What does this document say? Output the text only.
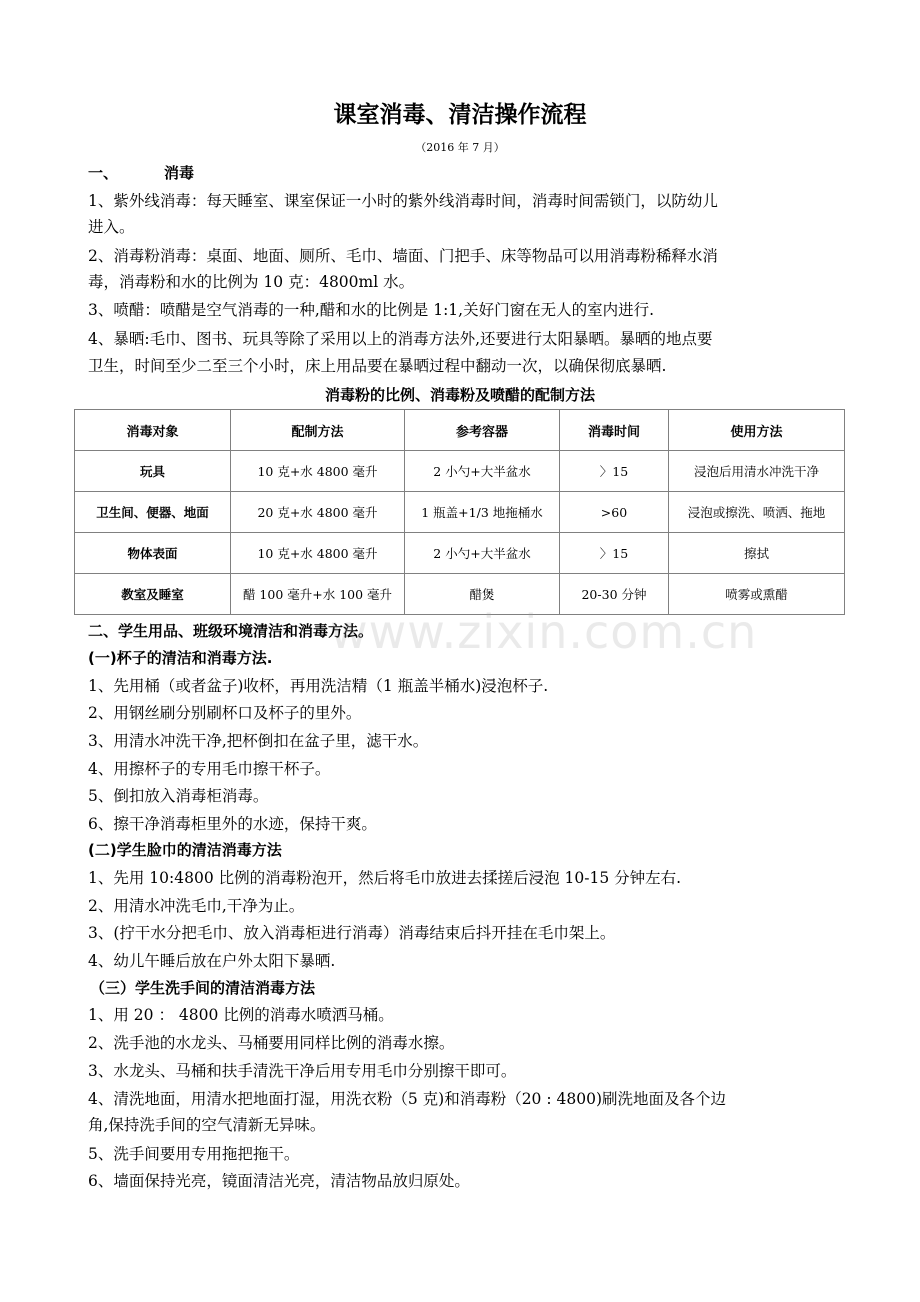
课室消毒、清洁操作流程
（2016 年 7 月）
一、	消毒
1、紫外线消毒：每天睡室、课室保证一小时的紫外线消毒时间，消毒时间需锁门，以防幼儿
进入。
2、消毒粉消毒：桌面、地面、厕所、毛巾、墙面、门把手、床等物品可以用消毒粉稀释水消
毒，消毒粉和水的比例为 10 克：4800ml 水。
3、喷醋：喷醋是空气消毒的一种,醋和水的比例是 1:1,关好门窗在无人的室内进行.
4、暴晒:毛巾、图书、玩具等除了采用以上的消毒方法外,还要进行太阳暴晒。暴晒的地点要
卫生，时间至少二至三个小时，床上用品要在暴晒过程中翻动一次，以确保彻底暴晒.
消毒粉的比例、消毒粉及喷醋的配制方法
消毒对象	配制方法	参考容器	消毒时间	使用方法
玩具	10 克+水 4800 毫升	2 小勺+大半盆水	〉15	浸泡后用清水冲洗干净
卫生间、便器、地面	20 克+水 4800 毫升	1 瓶盖+1/3 地拖桶水	>60	浸泡或擦洗、喷洒、拖地
物体表面	10 克+水 4800 毫升	2 小勺+大半盆水	〉15	擦拭
教室及睡室	醋 100 毫升+水 100 毫升	醋煲	20-30 分钟	喷雾或熏醋
二、学生用品、班级环境清洁和消毒方法。
(一)杯子的清洁和消毒方法.
1、先用桶（或者盆子)收杯，再用洗洁精（1 瓶盖半桶水)浸泡杯子.
2、用钢丝刷分别刷杯口及杯子的里外。
3、用清水冲洗干净,把杯倒扣在盆子里，滤干水。
4、用擦杯子的专用毛巾擦干杯子。
5、倒扣放入消毒柜消毒。
6、擦干净消毒柜里外的水迹，保持干爽。
(二)学生脸巾的清洁消毒方法
1、先用 10:4800 比例的消毒粉泡开，然后将毛巾放进去揉搓后浸泡 10-15 分钟左右.
2、用清水冲洗毛巾,干净为止。
3、(拧干水分把毛巾、放入消毒柜进行消毒）消毒结束后抖开挂在毛巾架上。
4、幼儿午睡后放在户外太阳下暴晒.
（三）学生洗手间的清洁消毒方法
1、用 20 ： 4800 比例的消毒水喷洒马桶。
2、洗手池的水龙头、马桶要用同样比例的消毒水擦。
3、水龙头、马桶和扶手清洗干净后用专用毛巾分别擦干即可。
4、清洗地面，用清水把地面打湿，用洗衣粉（5 克)和消毒粉（20 : 4800)刷洗地面及各个边
角,保持洗手间的空气清新无异味。
5、洗手间要用专用拖把拖干。
6、墙面保持光亮，镜面清洁光亮，清洁物品放归原处。
www.zixin.com.cn
